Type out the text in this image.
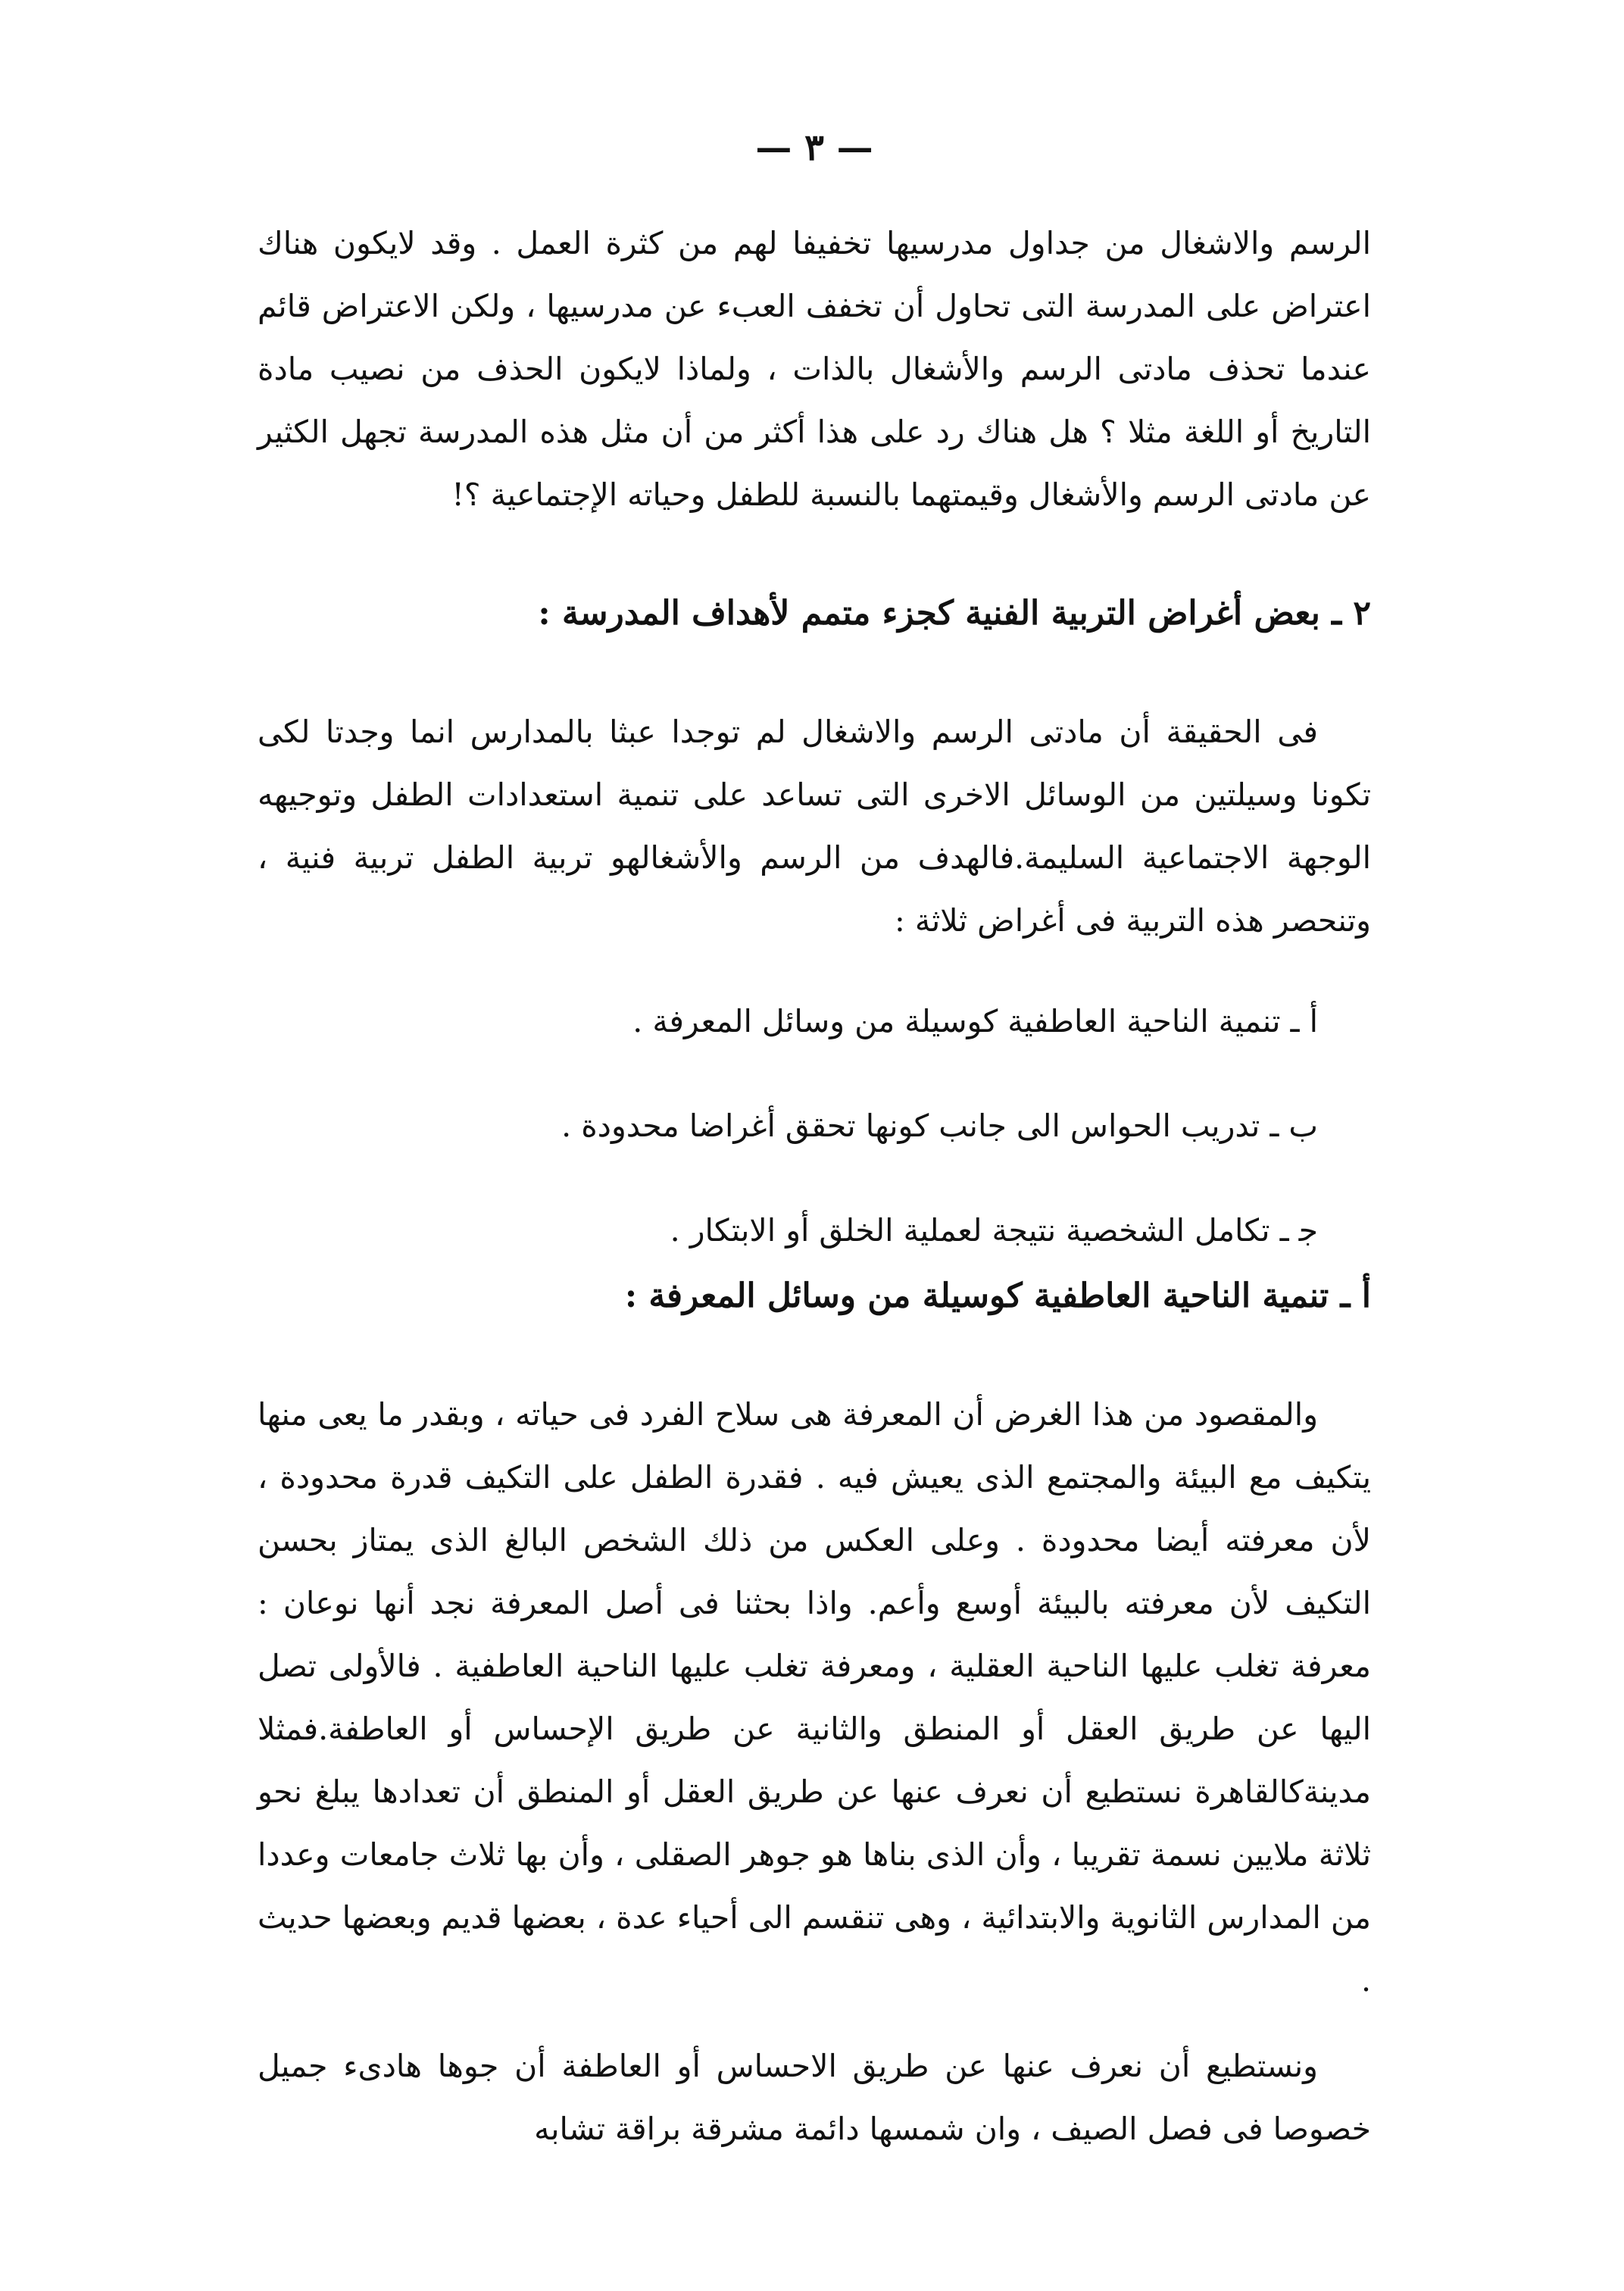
— ٣ —

الرسم والاشغال من جداول مدرسيها تخفيفا لهم من كثرة العمل . وقد لايكون هناك اعتراض على المدرسة التى تحاول أن تخفف العبء عن مدرسيها ، ولكن الاعتراض قائم عندما تحذف مادتى الرسم والأشغال بالذات ، ولماذا لايكون الحذف من نصيب مادة التاريخ أو اللغة مثلا ؟ هل هناك رد على هذا أكثر من أن مثل هذه المدرسة تجهل الكثير عن مادتى الرسم والأشغال وقيمتهما بالنسبة للطفل وحياته الإجتماعية ؟!

٢ ـ بعض أغراض التربية الفنية كجزء متمم لأهداف المدرسة :

فى الحقيقة أن مادتى الرسم والاشغال لم توجدا عبثا بالمدارس انما وجدتا لكى تكونا وسيلتين من الوسائل الاخرى التى تساعد على تنمية استعدادات الطفل وتوجيهه الوجهة الاجتماعية السليمة.فالهدف من الرسم والأشغالهو تربية الطفل تربية فنية ، وتنحصر هذه التربية فى أغراض ثلاثة :

أ ـ تنمية الناحية العاطفية كوسيلة من وسائل المعرفة .
ب ـ تدريب الحواس الى جانب كونها تحقق أغراضا محدودة .
ﺟ ـ تكامل الشخصية نتيجة لعملية الخلق أو الابتكار .
أ ـ تنمية الناحية العاطفية كوسيلة من وسائل المعرفة :

والمقصود من هذا الغرض أن المعرفة هى سلاح الفرد فى حياته ، وبقدر ما يعى منها يتكيف مع البيئة والمجتمع الذى يعيش فيه . فقدرة الطفل على التكيف قدرة محدودة ، لأن معرفته أيضا محدودة . وعلى العكس من ذلك الشخص البالغ الذى يمتاز بحسن التكيف لأن معرفته بالبيئة أوسع وأعم. واذا بحثنا فى أصل المعرفة نجد أنها نوعان : معرفة تغلب عليها الناحية العقلية ، ومعرفة تغلب عليها الناحية العاطفية . فالأولى تصل اليها عن طريق العقل أو المنطق والثانية عن طريق الإحساس أو العاطفة.فمثلا مدينةكالقاهرة نستطيع أن نعرف عنها عن طريق العقل أو المنطق أن تعدادها يبلغ نحو ثلاثة ملايين نسمة تقريبا ، وأن الذى بناها هو جوهر الصقلى ، وأن بها ثلاث جامعات وعددا من المدارس الثانوية والابتدائية ، وهى تنقسم الى أحياء عدة ، بعضها قديم وبعضها حديث .

ونستطيع أن نعرف عنها عن طريق الاحساس أو العاطفة أن جوها هادىء جميل خصوصا فى فصل الصيف ، وان شمسها دائمة مشرقة براقة تشابه
